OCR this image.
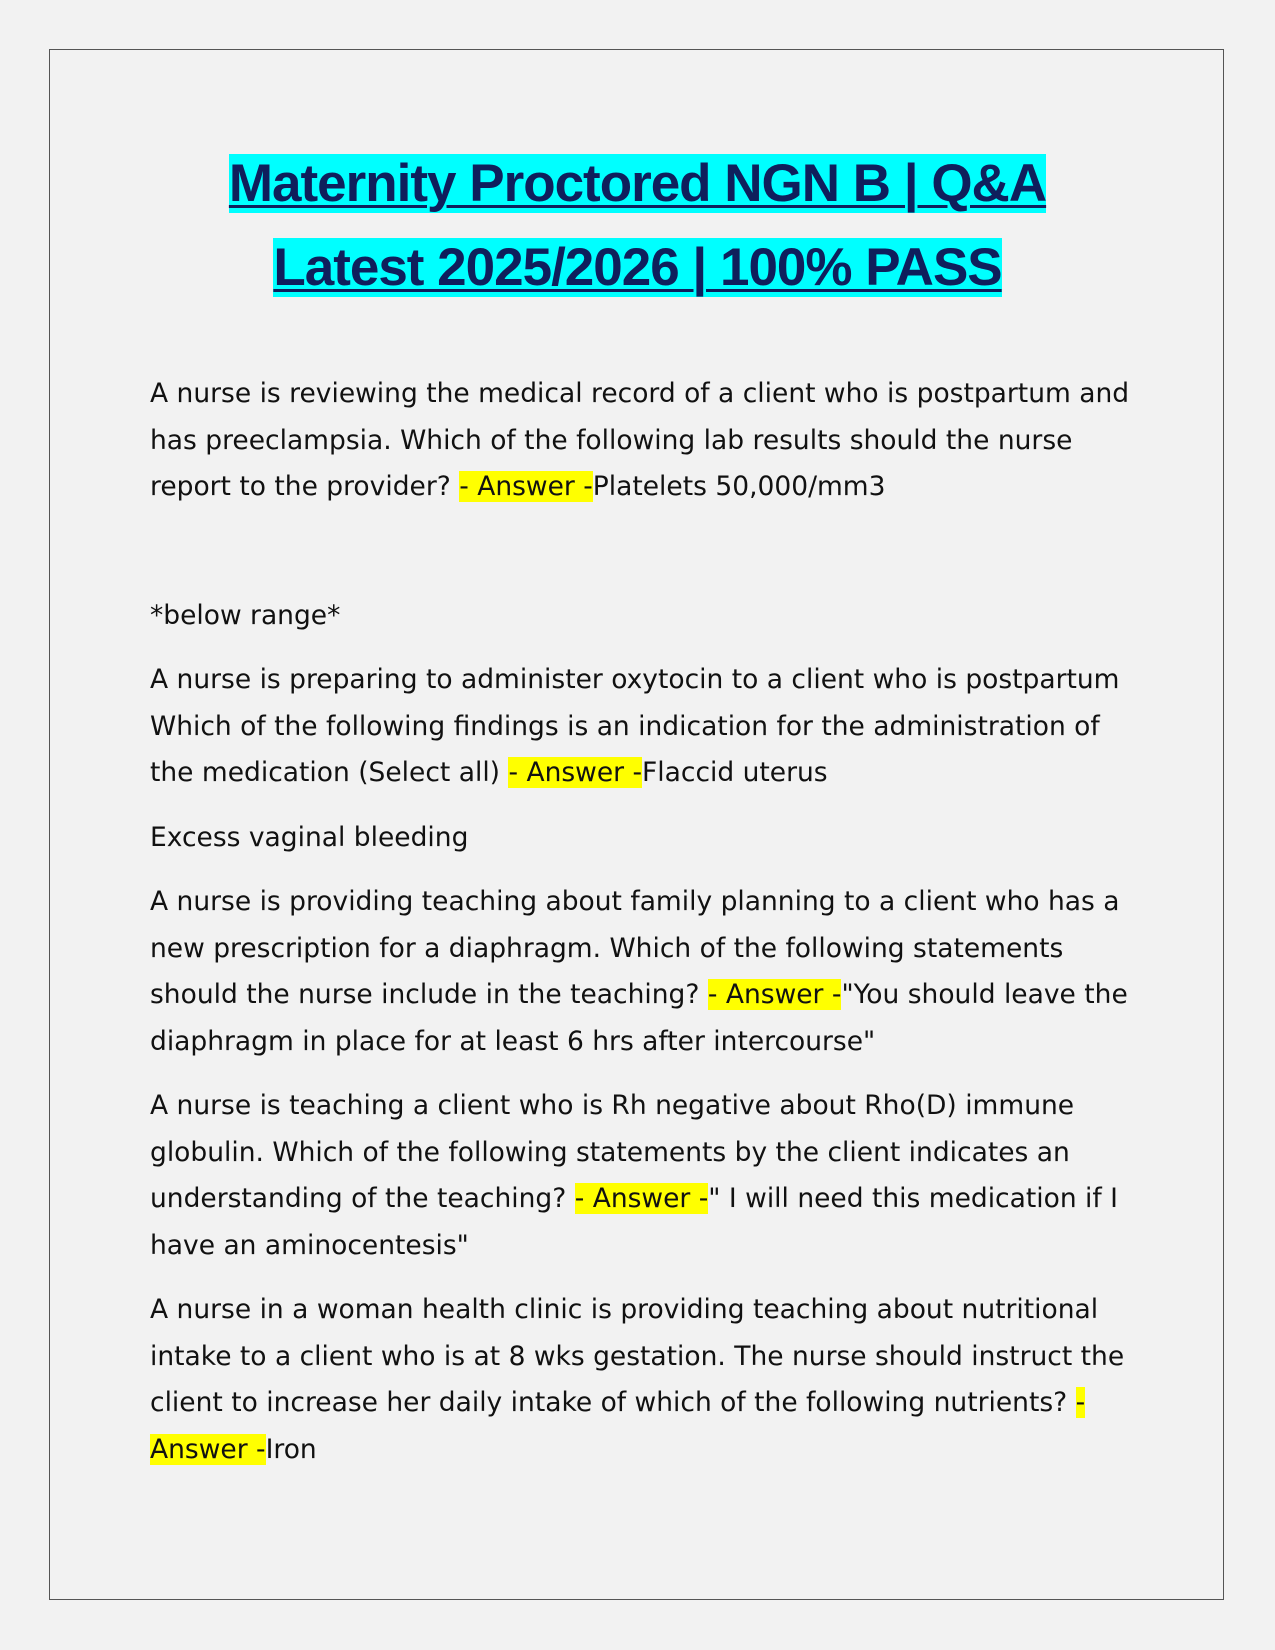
Maternity Proctored NGN B | Q&A
Latest 2025/2026 | 100% PASS

A nurse is reviewing the medical record of a client who is postpartum and has preeclampsia. Which of the following lab results should the nurse report to the provider? - Answer -Platelets 50,000/mm3

*below range*

A nurse is preparing to administer oxytocin to a client who is postpartum Which of the following findings is an indication for the administration of the medication (Select all) - Answer -Flaccid uterus

Excess vaginal bleeding

A nurse is providing teaching about family planning to a client who has a new prescription for a diaphragm. Which of the following statements should the nurse include in the teaching? - Answer -"You should leave the diaphragm in place for at least 6 hrs after intercourse"

A nurse is teaching a client who is Rh negative about Rho(D) immune globulin. Which of the following statements by the client indicates an understanding of the teaching? - Answer -" I will need this medication if I have an aminocentesis"

A nurse in a woman health clinic is providing teaching about nutritional intake to a client who is at 8 wks gestation. The nurse should instruct the client to increase her daily intake of which of the following nutrients? - Answer -Iron
